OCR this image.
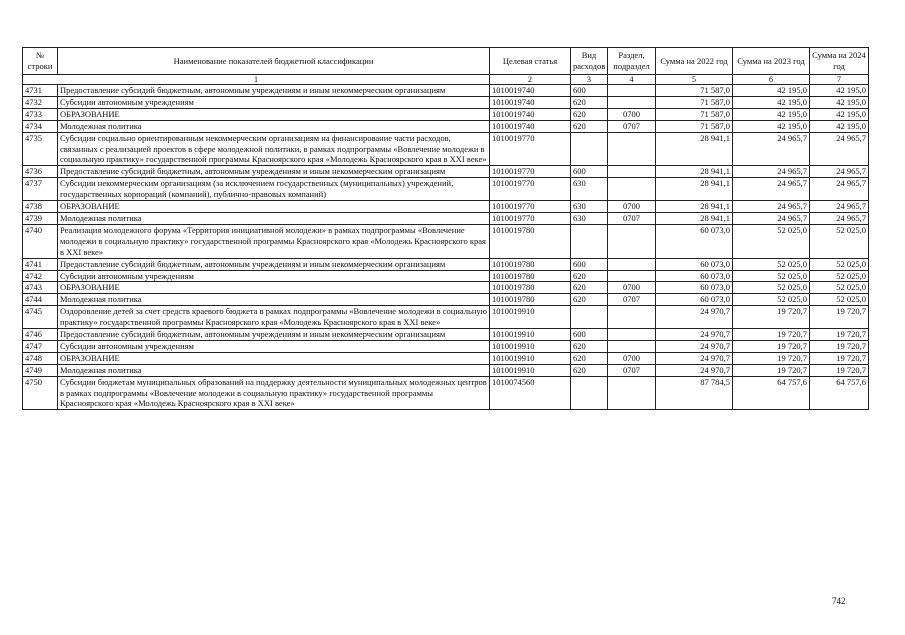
№ строки	Наименование показателей бюджетной классификации	Целевая статья	Вид расходов	Раздел, подраздел	Сумма на 2022 год	Сумма на 2023 год	Сумма на 2024 год
1		2	3	4	5	6	7
4731	Предоставление субсидий бюджетным, автономным учреждениям и иным некоммерческим организациям	1010019740	600		71 587,0	42 195,0	42 195,0
4732	Субсидии автономным учреждениям	1010019740	620		71 587,0	42 195,0	42 195,0
4733	ОБРАЗОВАНИЕ	1010019740	620	0700	71 587,0	42 195,0	42 195,0
4734	Молодежная политика	1010019740	620	0707	71 587,0	42 195,0	42 195,0
4735	Субсидии социально ориентированным некоммерческим организациям на финансирование части расходов, связанных с реализацией проектов в сфере молодежной политики, в рамках подпрограммы «Вовлечение молодежи в социальную практику» государственной программы Красноярского края «Молодежь Красноярского края в XXI веке»	1010019770			28 941,1	24 965,7	24 965,7
4736	Предоставление субсидий бюджетным, автономным учреждениям и иным некоммерческим организациям	1010019770	600		28 941,1	24 965,7	24 965,7
4737	Субсидии некоммерческим организациям (за исключением государственных (муниципальных) учреждений, государственных корпораций (компаний), публично-правовых компаний)	1010019770	630		28 941,1	24 965,7	24 965,7
4738	ОБРАЗОВАНИЕ	1010019770	630	0700	28 941,1	24 965,7	24 965,7
4739	Молодежная политика	1010019770	630	0707	28 941,1	24 965,7	24 965,7
4740	Реализация молодежного форума «Территория инициативной молодежи» в рамках подпрограммы «Вовлечение молодежи в социальную практику» государственной программы Красноярского края «Молодежь Красноярского края в XXI веке»	1010019780			60 073,0	52 025,0	52 025,0
4741	Предоставление субсидий бюджетным, автономным учреждениям и иным некоммерческим организациям	1010019780	600		60 073,0	52 025,0	52 025,0
4742	Субсидии автономным учреждениям	1010019780	620		60 073,0	52 025,0	52 025,0
4743	ОБРАЗОВАНИЕ	1010019780	620	0700	60 073,0	52 025,0	52 025,0
4744	Молодежная политика	1010019780	620	0707	60 073,0	52 025,0	52 025,0
4745	Оздоровление детей за счет средств краевого бюджета в рамках подпрограммы «Вовлечение молодежи в социальную практику» государственной программы Красноярского края «Молодежь Красноярского края в XXI веке»	1010019910			24 970,7	19 720,7	19 720,7
4746	Предоставление субсидий бюджетным, автономным учреждениям и иным некоммерческим организациям	1010019910	600		24 970,7	19 720,7	19 720,7
4747	Субсидии автономным учреждениям	1010019910	620		24 970,7	19 720,7	19 720,7
4748	ОБРАЗОВАНИЕ	1010019910	620	0700	24 970,7	19 720,7	19 720,7
4749	Молодежная политика	1010019910	620	0707	24 970,7	19 720,7	19 720,7
4750	Субсидии бюджетам муниципальных образований на поддержку деятельности муниципальных молодежных центров в рамках подпрограммы «Вовлечение молодежи в социальную практику» государственной программы Красноярского края «Молодежь Красноярского края в XXI веке»	1010074560			87 784,5	64 757,6	64 757,6
742
